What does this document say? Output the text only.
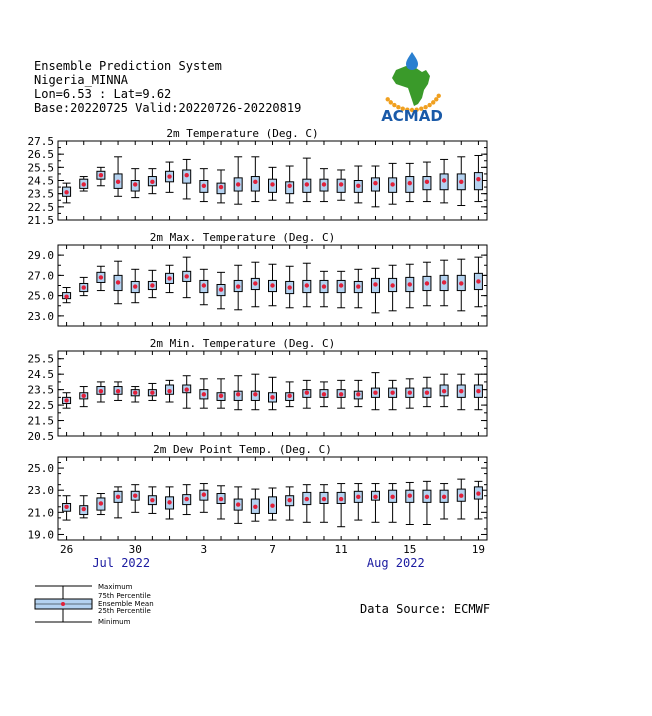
Ensemble Prediction System
Nigeria_MINNA
Lon=6.53 : Lat=9.62
Base:20220725 Valid:20220726-20220819	ACMAD
2m Temperature (Deg. C)
27.5
26.5
25.5
24.5
23.5
22.5
21.5
2m Max. Temperature (Deg. C)
29.0
27.0
25.0
23.0
2m Min. Temperature (Deg. C)
25.5
24.5
23.5
22.5
21.5
20.5
2m Dew Point Temp. (Deg. C)
25.0
23.0
21.0
19.0
26	30	3	7	11	15	19
Jul 2022	Aug 2022
Maximum
75th Percentile
Ensemble Mean
25th Percentile
Minimum
Data Source: ECMWF
